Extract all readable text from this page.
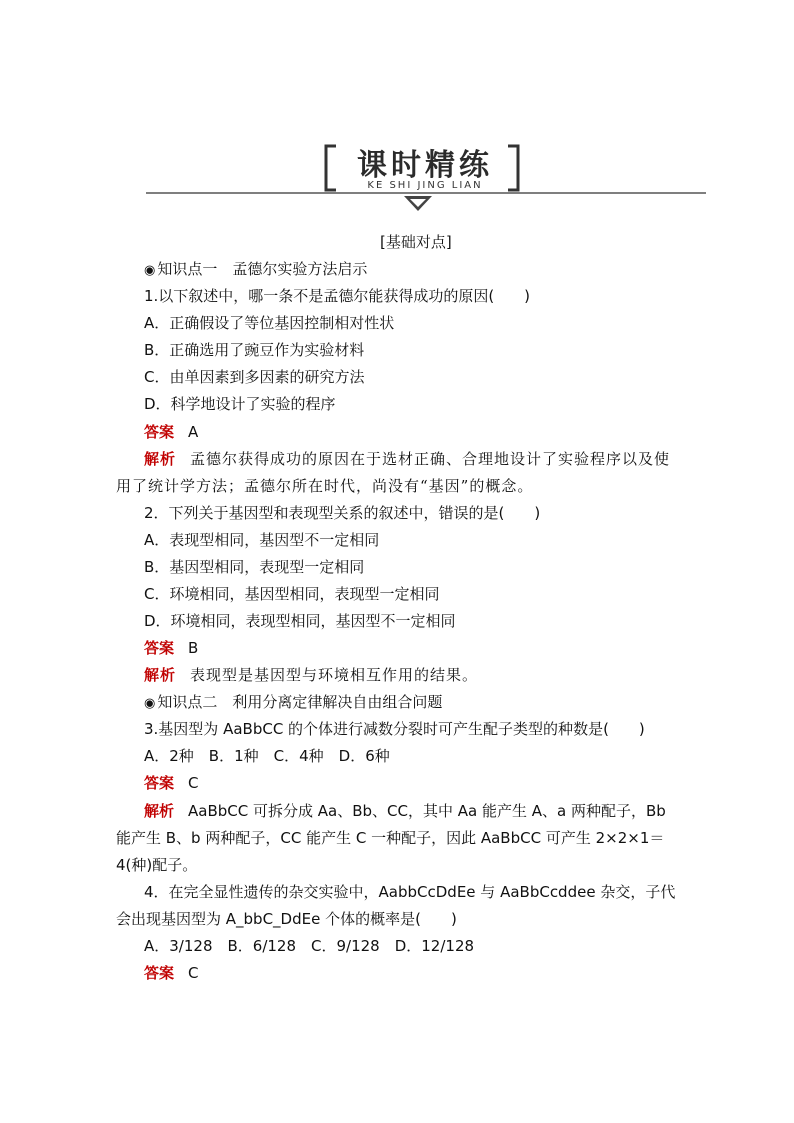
课时精练
KE SHI JING LIAN
[基础对点]
◉ 知识点一　孟德尔实验方法启示
1.以下叙述中，哪一条不是孟德尔能获得成功的原因(　　)
A．正确假设了等位基因控制相对性状
B．正确选用了豌豆作为实验材料
C．由单因素到多因素的研究方法
D．科学地设计了实验的程序
答案 A
解析 孟德尔获得成功的原因在于选材正确、合理地设计了实验程序以及使
用了统计学方法；孟德尔所在时代，尚没有“基因”的概念。
2．下列关于基因型和表现型关系的叙述中，错误的是(　　)
A．表现型相同，基因型不一定相同
B．基因型相同，表现型一定相同
C．环境相同，基因型相同，表现型一定相同
D．环境相同，表现型相同，基因型不一定相同
答案 B
解析 表现型是基因型与环境相互作用的结果。
◉ 知识点二　利用分离定律解决自由组合问题
3.基因型为 AaBbCC 的个体进行减数分裂时可产生配子类型的种数是(　　)
A．2种　B．1种　C．4种　D．6种
答案 C
解析 AaBbCC 可拆分成 Aa、Bb、CC，其中 Aa 能产生 A、a 两种配子，Bb
能产生 B、b 两种配子，CC 能产生 C 一种配子，因此 AaBbCC 可产生 2×2×1＝
4(种)配子。
4．在完全显性遗传的杂交实验中，AabbCcDdEe 与 AaBbCcddee 杂交，子代
会出现基因型为 A_bbC_DdEe 个体的概率是(　　)
A．3/128　B．6/128　C．9/128　D．12/128
答案 C
